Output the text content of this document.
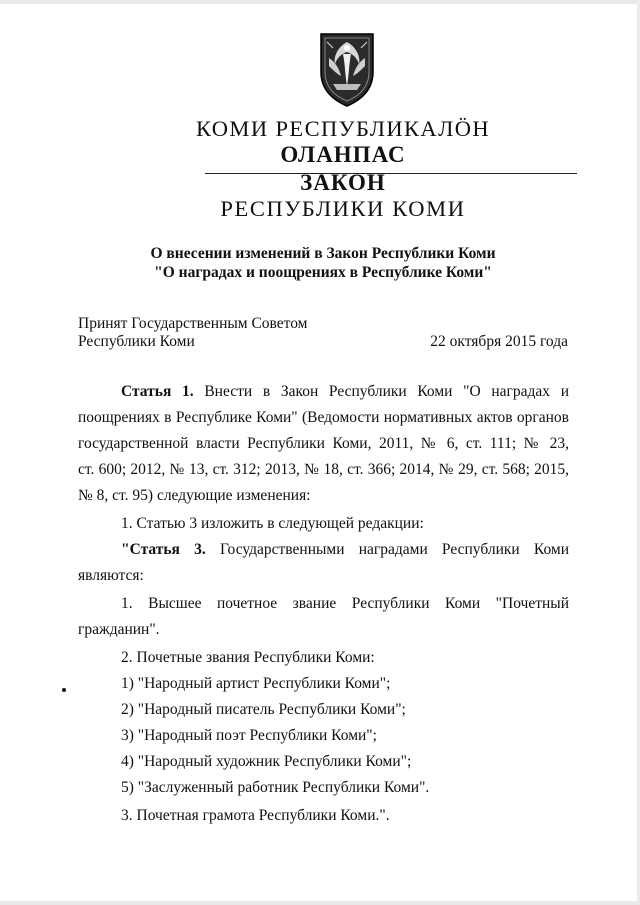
КОМИ РЕСПУБЛИКАЛÖН
ОЛАНПАС
ЗАКОН
РЕСПУБЛИКИ КОМИ
О внесении изменений в Закон Республики Коми
"О наградах и поощрениях в Республике Коми"
Принят Государственным Советом
Республики Коми	22 октября 2015 года
Статья 1. Внести в Закон Республики Коми "О наградах и
поощрениях в Республике Коми" (Ведомости нормативных актов органов
государственной власти Республики Коми, 2011, № 6, ст. 111; № 23,
ст. 600; 2012, № 13, ст. 312; 2013, № 18, ст. 366; 2014, № 29, ст. 568; 2015,
№ 8, ст. 95) следующие изменения:
1. Статью 3 изложить в следующей редакции:
"Статья 3. Государственными наградами Республики Коми
являются:
1. Высшее почетное звание Республики Коми "Почетный
гражданин".
2. Почетные звания Республики Коми:
1) "Народный артист Республики Коми";
2) "Народный писатель Республики Коми";
3) "Народный поэт Республики Коми";
4) "Народный художник Республики Коми";
5) "Заслуженный работник Республики Коми".
3. Почетная грамота Республики Коми.".
